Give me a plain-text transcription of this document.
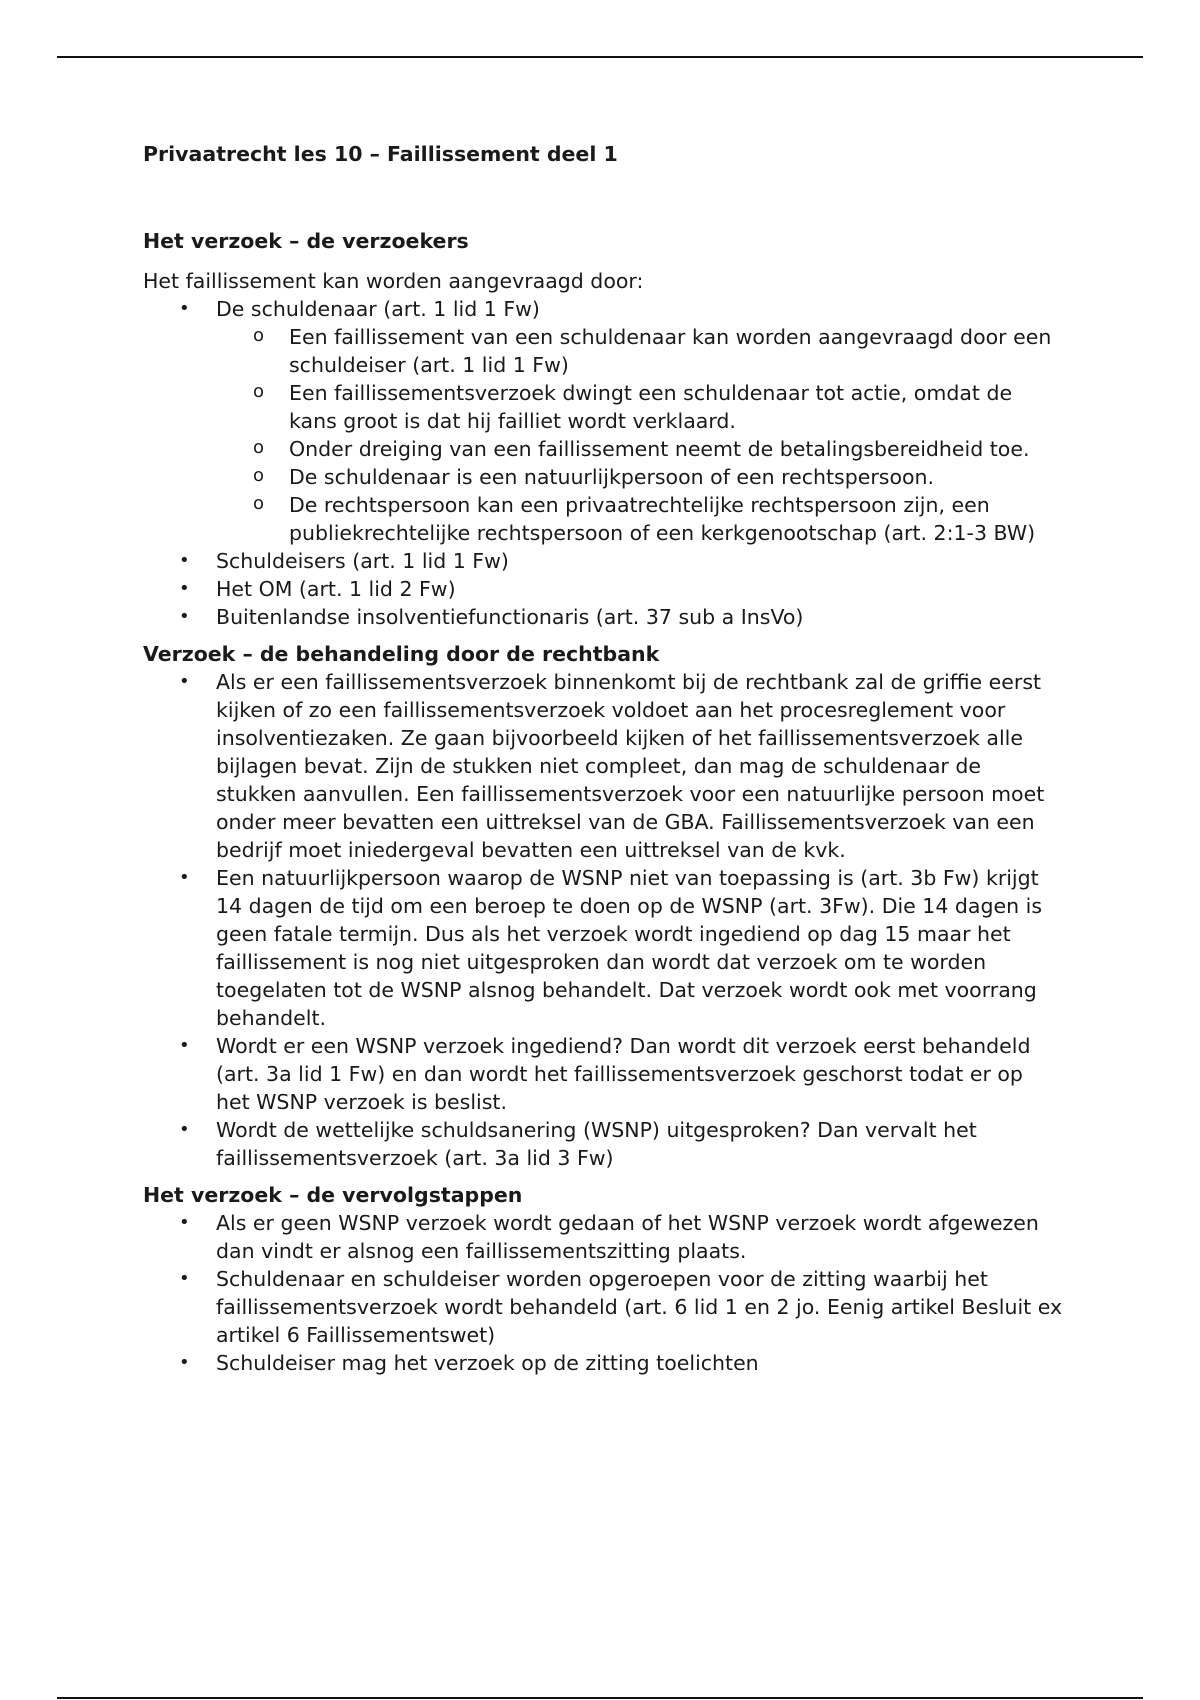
Privaatrecht les 10 – Faillissement deel 1

Het verzoek – de verzoekers

Het faillissement kan worden aangevraagd door:

• De schuldenaar (art. 1 lid 1 Fw)
o Een faillissement van een schuldenaar kan worden aangevraagd door een schuldeiser (art. 1 lid 1 Fw)
o Een faillissementsverzoek dwingt een schuldenaar tot actie, omdat de kans groot is dat hij failliet wordt verklaard.
o Onder dreiging van een faillissement neemt de betalingsbereidheid toe.
o De schuldenaar is een natuurlijkpersoon of een rechtspersoon.
o De rechtspersoon kan een privaatrechtelijke rechtspersoon zijn, een publiekrechtelijke rechtspersoon of een kerkgenootschap (art. 2:1-3 BW)
• Schuldeisers (art. 1 lid 1 Fw)
• Het OM (art. 1 lid 2 Fw)
• Buitenlandse insolventiefunctionaris (art. 37 sub a InsVo)

Verzoek – de behandeling door de rechtbank

• Als er een faillissementsverzoek binnenkomt bij de rechtbank zal de griffie eerst kijken of zo een faillissementsverzoek voldoet aan het procesreglement voor insolventiezaken. Ze gaan bijvoorbeeld kijken of het faillissementsverzoek alle bijlagen bevat. Zijn de stukken niet compleet, dan mag de schuldenaar de stukken aanvullen. Een faillissementsverzoek voor een natuurlijke persoon moet onder meer bevatten een uittreksel van de GBA. Faillissementsverzoek van een bedrijf moet iniedergeval bevatten een uittreksel van de kvk.
• Een natuurlijkpersoon waarop de WSNP niet van toepassing is (art. 3b Fw) krijgt 14 dagen de tijd om een beroep te doen op de WSNP (art. 3Fw). Die 14 dagen is geen fatale termijn. Dus als het verzoek wordt ingediend op dag 15 maar het faillissement is nog niet uitgesproken dan wordt dat verzoek om te worden toegelaten tot de WSNP alsnog behandelt. Dat verzoek wordt ook met voorrang behandelt.
• Wordt er een WSNP verzoek ingediend? Dan wordt dit verzoek eerst behandeld (art. 3a lid 1 Fw) en dan wordt het faillissementsverzoek geschorst todat er op het WSNP verzoek is beslist.
• Wordt de wettelijke schuldsanering (WSNP) uitgesproken? Dan vervalt het faillissementsverzoek (art. 3a lid 3 Fw)

Het verzoek – de vervolgstappen

• Als er geen WSNP verzoek wordt gedaan of het WSNP verzoek wordt afgewezen dan vindt er alsnog een faillissementszitting plaats.
• Schuldenaar en schuldeiser worden opgeroepen voor de zitting waarbij het faillissementsverzoek wordt behandeld (art. 6 lid 1 en 2 jo. Eenig artikel Besluit ex artikel 6 Faillissementswet)
• Schuldeiser mag het verzoek op de zitting toelichten
